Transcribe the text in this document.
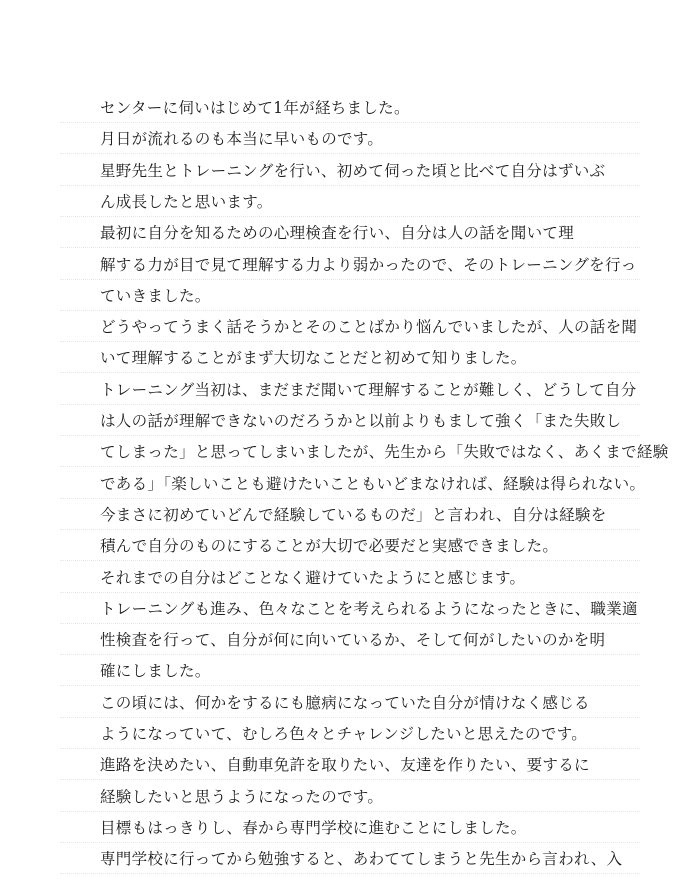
センターに伺いはじめて1年が経ちました。
月日が流れるのも本当に早いものです。
星野先生とトレーニングを行い、初めて伺った頃と比べて自分はずいぶ
ん成長したと思います。
最初に自分を知るための心理検査を行い、自分は人の話を聞いて理
解する力が目で見て理解する力より弱かったので、そのトレーニングを行っ
ていきました。
どうやってうまく話そうかとそのことばかり悩んでいましたが、人の話を聞
いて理解することがまず大切なことだと初めて知りました。
トレーニング当初は、まだまだ聞いて理解することが難しく、どうして自分
は人の話が理解できないのだろうかと以前よりもまして強く「また失敗し
てしまった」と思ってしまいましたが、先生から「失敗ではなく、あくまで経験
である」「楽しいことも避けたいこともいどまなければ、経験は得られない。
今まさに初めていどんで経験しているものだ」と言われ、自分は経験を
積んで自分のものにすることが大切で必要だと実感できました。
それまでの自分はどことなく避けていたようにと感じます。
トレーニングも進み、色々なことを考えられるようになったときに、職業適
性検査を行って、自分が何に向いているか、そして何がしたいのかを明
確にしました。
この頃には、何かをするにも臆病になっていた自分が情けなく感じる
ようになっていて、むしろ色々とチャレンジしたいと思えたのです。
進路を決めたい、自動車免許を取りたい、友達を作りたい、要するに
経験したいと思うようになったのです。
目標もはっきりし、春から専門学校に進むことにしました。
専門学校に行ってから勉強すると、あわててしまうと先生から言われ、入
